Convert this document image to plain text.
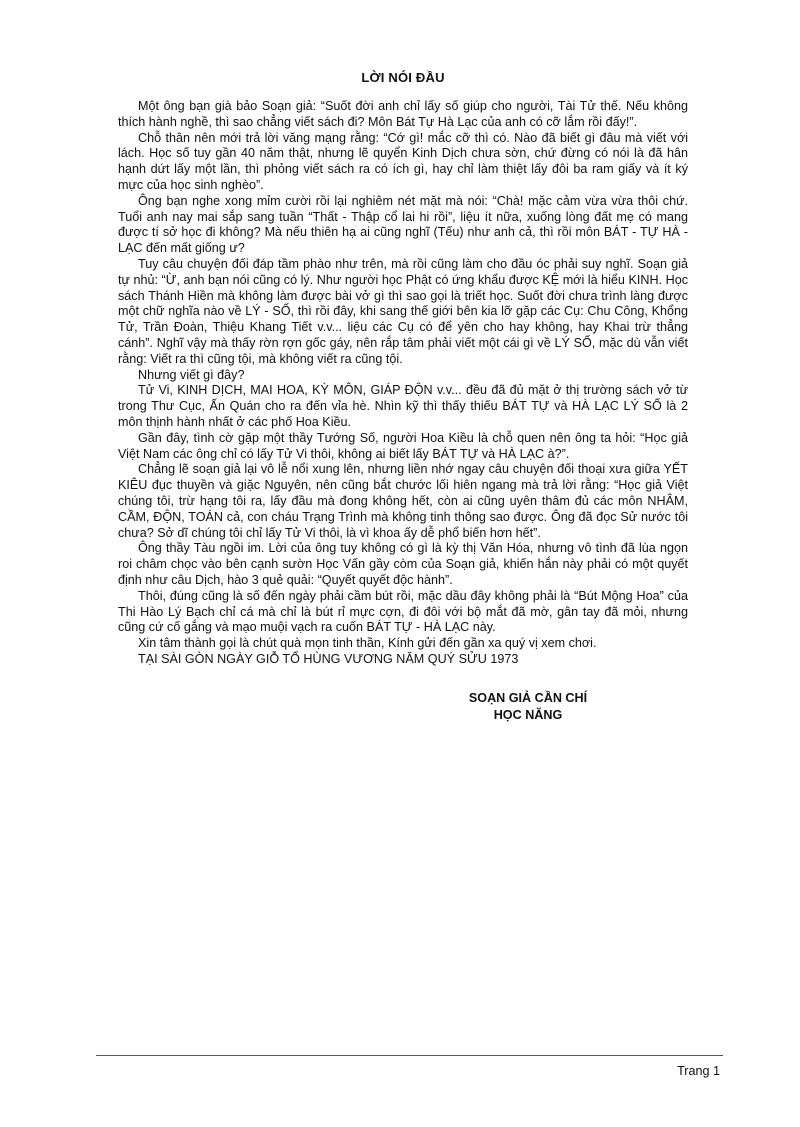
LỜI NÓI ĐẦU

Một ông bạn già bảo Soạn giả: “Suốt đời anh chỉ lấy số giúp cho người, Tài Tử thế. Nếu không thích hành nghề, thì sao chẳng viết sách đi? Môn Bát Tự Hà Lạc của anh có cỡ lắm rồi đấy!”.

Chỗ thân nên mới trả lời văng mạng rằng: “Cớ gì! mắc cỡ thì có. Nào đã biết gì đâu mà viết với lách. Học số tuy gần 40 năm thật, nhưng lẽ quyển Kinh Dịch chưa sờn, chứ đừng có nói là đã hân hạnh dứt lấy một lần, thì phỏng viết sách ra có ích gì, hay chỉ làm thiệt lấy đôi ba ram giấy và ít ký mực của học sinh nghèo”.

Ông bạn nghe xong mỉm cười rồi lại nghiêm nét mặt mà nói: “Chà! mặc cảm vừa vừa thôi chứ. Tuổi anh nay mai sắp sang tuần “Thất - Thập cổ lai hi rồi”, liệu ít nữa, xuống lòng đất mẹ có mang được tí sở học đi không? Mà nếu thiên hạ ai cũng nghĩ (Tếu) như anh cả, thì rồi môn BÁT - TỰ HÀ - LẠC đến mất giống ư?

Tuy câu chuyện đối đáp tầm phào như trên, mà rồi cũng làm cho đầu óc phải suy nghĩ. Soạn giả tự nhủ: “Ừ, anh bạn nói cũng có lý. Như người học Phật có ứng khẩu được KỆ mới là hiểu KINH. Học sách Thánh Hiền mà không làm được bài vở gì thì sao gọi là triết học. Suốt đời chưa trình làng được một chữ nghĩa nào về LÝ - SỐ, thì rồi đây, khi sang thế giới bên kia lỡ gặp các Cụ: Chu Công, Khổng Tử, Trần Đoàn, Thiệu Khang Tiết v.v... liệu các Cụ có để yên cho hay không, hay Khai trừ thẳng cánh”. Nghĩ vậy mà thấy rờn rợn gốc gáy, nên rắp tâm phải viết một cái gì về LÝ SỐ, mặc dù vẫn viết rằng: Viết ra thì cũng tội, mà không viết ra cũng tội.

Nhưng viết gì đây?

Tử Vi, KINH DỊCH, MAI HOA, KỲ MÔN, GIÁP ĐỘN v.v... đều đã đủ mặt ở thị trường sách vở từ trong Thư Cục, Ấn Quán cho ra đến vỉa hè. Nhìn kỹ thì thấy thiếu BÁT TỰ và HÀ LẠC LÝ SỐ là 2 môn thịnh hành nhất ở các phố Hoa Kiều.

Gần đây, tình cờ gặp một thầy Tướng Số, người Hoa Kiều là chỗ quen nên ông ta hỏi: “Học giả Việt Nam các ông chỉ có lấy Tử Vi thôi, không ai biết lấy BÁT TỰ và HÀ LẠC à?”.

Chẳng lẽ soạn giả lại vô lễ nổi xung lên, nhưng liền nhớ ngay câu chuyện đối thoại xưa giữa YẾT KIÊU đục thuyền và giặc Nguyên, nên cũng bắt chước lối hiên ngang mà trả lời rằng: “Học giả Việt chúng tôi, trừ hạng tôi ra, lấy đầu mà đong không hết, còn ai cũng uyên thâm đủ các môn NHÂM, CẦM, ĐỘN, TOÁN cả, con cháu Trạng Trình mà không tinh thông sao được. Ông đã đọc Sử nước tôi chưa? Sở dĩ chúng tôi chỉ lấy Tử Vi thôi, là vì khoa ấy dễ phổ biến hơn hết”.

Ông thầy Tàu ngồi im. Lời của ông tuy không có gì là kỳ thị Văn Hóa, nhưng vô tình đã lùa ngọn roi châm chọc vào bên cạnh sườn Học Vấn gầy còm của Soạn giả, khiến hắn này phải có một quyết định như câu Dịch, hào 3 quẻ quải: “Quyết quyết độc hành”.

Thôi, đúng cũng là số đến ngày phải cầm bút rồi, mặc dầu đây không phải là “Bút Mộng Hoa” của Thi Hào Lý Bạch chỉ cá mà chỉ là bút rỉ mực cợn, đi đôi với bộ mắt đã mờ, gân tay đã mỏi, nhưng cũng cứ cố gắng và mạo muội vạch ra cuốn BÁT TỰ - HÀ LẠC này.

Xin tâm thành gọi là chút quà mọn tinh thần, Kính gửi đến gần xa quý vị xem chơi.

TẠI SÀI GÒN NGÀY GIỖ TỔ HÙNG VƯƠNG NĂM QUÝ SỬU 1973

SOẠN GIẢ CẦN CHÍ
HỌC NĂNG
Trang 1
